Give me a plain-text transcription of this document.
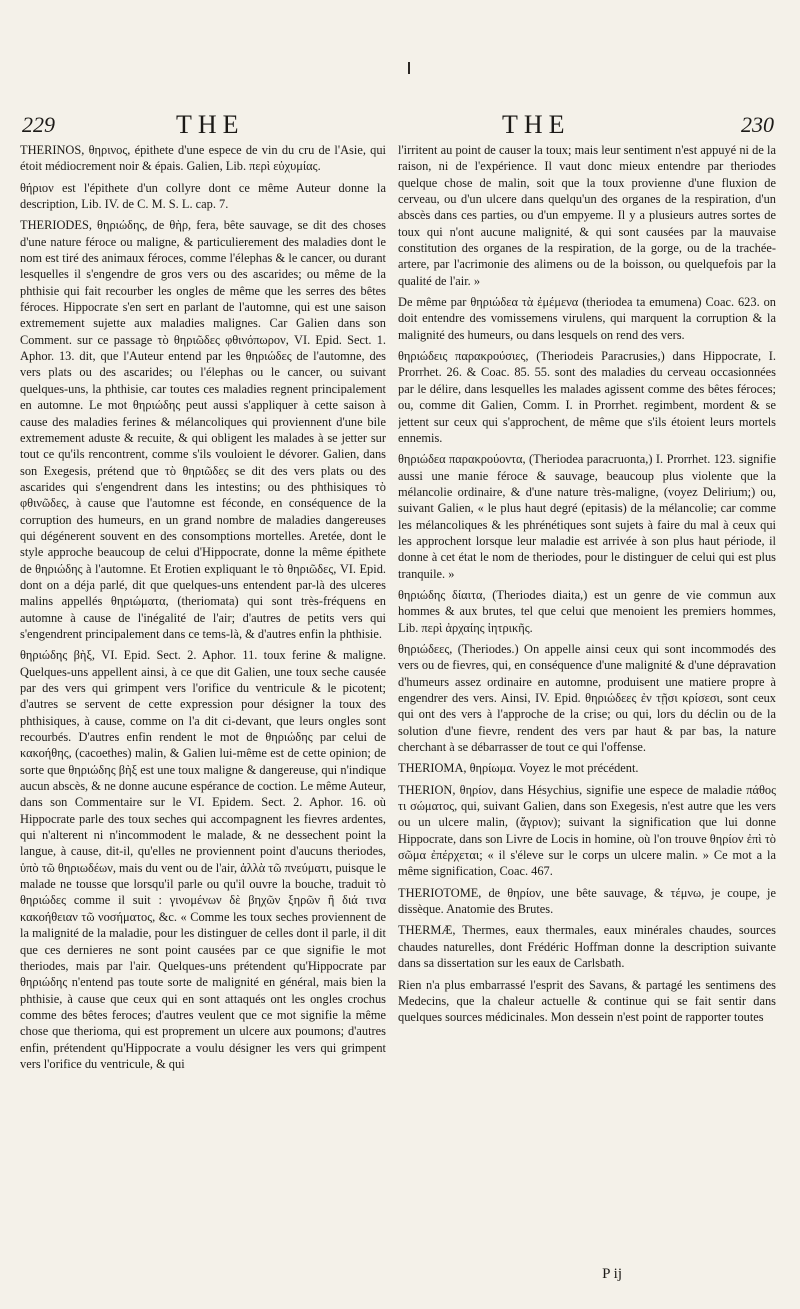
229	THE	THE	230

THERINOS, θηρινος, épithete d'une espece de vin du cru de l'Asie, qui étoit médiocrement noir & épais. Galien, Lib. περὶ εὐχυμίας.

θήριον est l'épithete d'un collyre dont ce même Auteur donne la description, Lib. IV. de C. M. S. L. cap. 7.

THERIODES, θηριώδης, de θὴρ, fera, bête sauvage, se dit des choses d'une nature féroce ou maligne, & particulierement des maladies dont le nom est tiré des animaux féroces, comme l'élephas & le cancer, ou durant lesquelles il s'engendre de gros vers ou des ascarides; ou même de la phthisie qui fait recourber les ongles de même que les serres des bêtes féroces. Hippocrate s'en sert en parlant de l'automne, qui est une saison extremement sujette aux maladies malignes. Car Galien dans son Comment. sur ce passage τὸ θηριῶδες φθινόπωρον, VI. Epid. Sect. 1. Aphor. 13. dit, que l'Auteur entend par les θηριώδες de l'automne, des vers plats ou des ascarides; ou l'élephas ou le cancer, ou suivant quelques-uns, la phthisie, car toutes ces maladies regnent principalement en automne. Le mot θηριώδης peut aussi s'appliquer à cette saison à cause des maladies ferines & mélancoliques qui proviennent d'une bile extremement aduste & recuite, & qui obligent les malades à se jetter sur tout ce qu'ils rencontrent, comme s'ils vouloient le dévorer. Galien, dans son Exegesis, prétend que τὸ θηριῶδες se dit des vers plats ou des ascarides qui s'engendrent dans les intestins; ou des phthisiques τὸ φθινῶδες, à cause que l'automne est féconde, en conséquence de la corruption des humeurs, en un grand nombre de maladies dangereuses qui dégénerent souvent en des consomptions mortelles. Aretée, dont le style approche beaucoup de celui d'Hippocrate, donne la même épithete de θηριώδης à l'automne. Et Erotien expliquant le τὸ θηριῶδες, VI. Epid. dont on a déja parlé, dit que quelques-uns entendent par-là des ulceres malins appellés θηριώματα, (theriomata) qui sont très-fréquens en automne à cause de l'inégalité de l'air; d'autres de petits vers qui s'engendrent principalement dans ce tems-là, & d'autres enfin la phthisie.

θηριώδης βὴξ, VI. Epid. Sect. 2. Aphor. 11. toux ferine & maligne. Quelques-uns appellent ainsi, à ce que dit Galien, une toux seche causée par des vers qui grimpent vers l'orifice du ventricule & le picotent; d'autres se servent de cette expression pour désigner la toux des phthisiques, à cause, comme on l'a dit ci-devant, que leurs ongles sont recourbés. D'autres enfin rendent le mot de θηριώδης par celui de κακοήθης, (cacoethes) malin, & Galien lui-même est de cette opinion; de sorte que θηριώδης βὴξ est une toux maligne & dangereuse, qui n'indique aucun abscès, & ne donne aucune espérance de coction. Le même Auteur, dans son Commentaire sur le VI. Epidem. Sect. 2. Aphor. 16. où Hippocrate parle des toux seches qui accompagnent les fievres ardentes, qui n'alterent ni n'incommodent le malade, & ne dessechent point la langue, à cause, dit-il, qu'elles ne proviennent point d'aucuns theriodes, ὑπὸ τῶ θηριωδέων, mais du vent ou de l'air, ἀλλὰ τῶ πνεύματι, puisque le malade ne tousse que lorsqu'il parle ou qu'il ouvre la bouche, traduit τὸ θηριώδες comme il suit : γινομένων δὲ βηχῶν ξηρῶν ἢ διά τινα κακοήθειαν τῶ νοσήματος, &c. « Comme les toux seches proviennent de la malignité de la maladie, pour les distinguer de celles dont il parle, il dit que ces dernieres ne sont point causées par ce que signifie le mot theriodes, mais par l'air. Quelques-uns prétendent qu'Hippocrate par θηριώδης n'entend pas toute sorte de malignité en général, mais bien la phthisie, à cause que ceux qui en sont attaqués ont les ongles crochus comme des bêtes feroces; d'autres veulent que ce mot signifie la même chose que therioma, qui est proprement un ulcere aux poumons; d'autres enfin, prétendent qu'Hippocrate a voulu désigner les vers qui grimpent vers l'orifice du ventricule, & qui

l'irritent au point de causer la toux; mais leur sentiment n'est appuyé ni de la raison, ni de l'expérience. Il vaut donc mieux entendre par theriodes quelque chose de malin, soit que la toux provienne d'une fluxion de cerveau, ou d'un ulcere dans quelqu'un des organes de la respiration, d'un abscès dans ces parties, ou d'un empyeme. Il y a plusieurs autres sortes de toux qui n'ont aucune malignité, & qui sont causées par la mauvaise constitution des organes de la respiration, de la gorge, ou de la trachée-artere, par l'acrimonie des alimens ou de la boisson, ou quelquefois par la qualité de l'air. »

De même par θηριώδεα τὰ ἐμέμενα (theriodea ta emumena) Coac. 623. on doit entendre des vomissemens virulens, qui marquent la corruption & la malignité des humeurs, ou dans lesquels on rend des vers.

θηριώδεις παρακρούσιες, (Theriodeis Paracrusies,) dans Hippocrate, I. Prorrhet. 26. & Coac. 85. 55. sont des maladies du cerveau occasionnées par le délire, dans lesquelles les malades agissent comme des bêtes féroces; ou, comme dit Galien, Comm. I. in Prorrhet. regimbent, mordent & se jettent sur ceux qui s'approchent, de même que s'ils étoient leurs mortels ennemis.

θηριώδεα παρακρούοντα, (Theriodea paracruonta,) I. Prorrhet. 123. signifie aussi une manie féroce & sauvage, beaucoup plus violente que la mélancolie ordinaire, & d'une nature très-maligne, (voyez Delirium;) ou, suivant Galien, « le plus haut degré (epitasis) de la mélancolie; car comme les mélancoliques & les phrénétiques sont sujets à faire du mal à ceux qui les approchent lorsque leur maladie est arrivée à son plus haut période, il donne à cet état le nom de theriodes, pour le distinguer de celui qui est plus tranquile. »

θηριώδης δίαιτα, (Theriodes diaita,) est un genre de vie commun aux hommes & aux brutes, tel que celui que menoient les premiers hommes, Lib. περὶ ἀρχαίης ἰητρικῆς.

θηριώδεες, (Theriodes.) On appelle ainsi ceux qui sont incommodés des vers ou de fievres, qui, en conséquence d'une malignité & d'une dépravation d'humeurs assez ordinaire en automne, produisent une matiere propre à engendrer des vers. Ainsi, IV. Epid. θηριώδεες ἐν τῇσι κρίσεσι, sont ceux qui ont des vers à l'approche de la crise; ou qui, lors du déclin ou de la solution d'une fievre, rendent des vers par haut & par bas, la nature cherchant à se débarrasser de tout ce qui l'offense.

THERIOMA, θηρίωμα. Voyez le mot précédent.

THERION, θηρίον, dans Hésychius, signifie une espece de maladie πάθος τι σώματος, qui, suivant Galien, dans son Exegesis, n'est autre que les vers ou un ulcere malin, (ἄγριον); suivant la signification que lui donne Hippocrate, dans son Livre de Locis in homine, où l'on trouve θηρίον ἐπὶ τὸ σῶμα ἐπέρχεται; « il s'éleve sur le corps un ulcere malin. » Ce mot a la même signification, Coac. 467.

THERIOTOME, de θηρίον, une bête sauvage, & τέμνω, je coupe, je dissèque. Anatomie des Brutes.

THERMÆ, Thermes, eaux thermales, eaux minérales chaudes, sources chaudes naturelles, dont Frédéric Hoffman donne la description suivante dans sa dissertation sur les eaux de Carlsbath.

Rien n'a plus embarrassé l'esprit des Savans, & partagé les sentimens des Medecins, que la chaleur actuelle & continue qui se fait sentir dans quelques sources médicinales. Mon dessein n'est point de rapporter toutes

P ij
